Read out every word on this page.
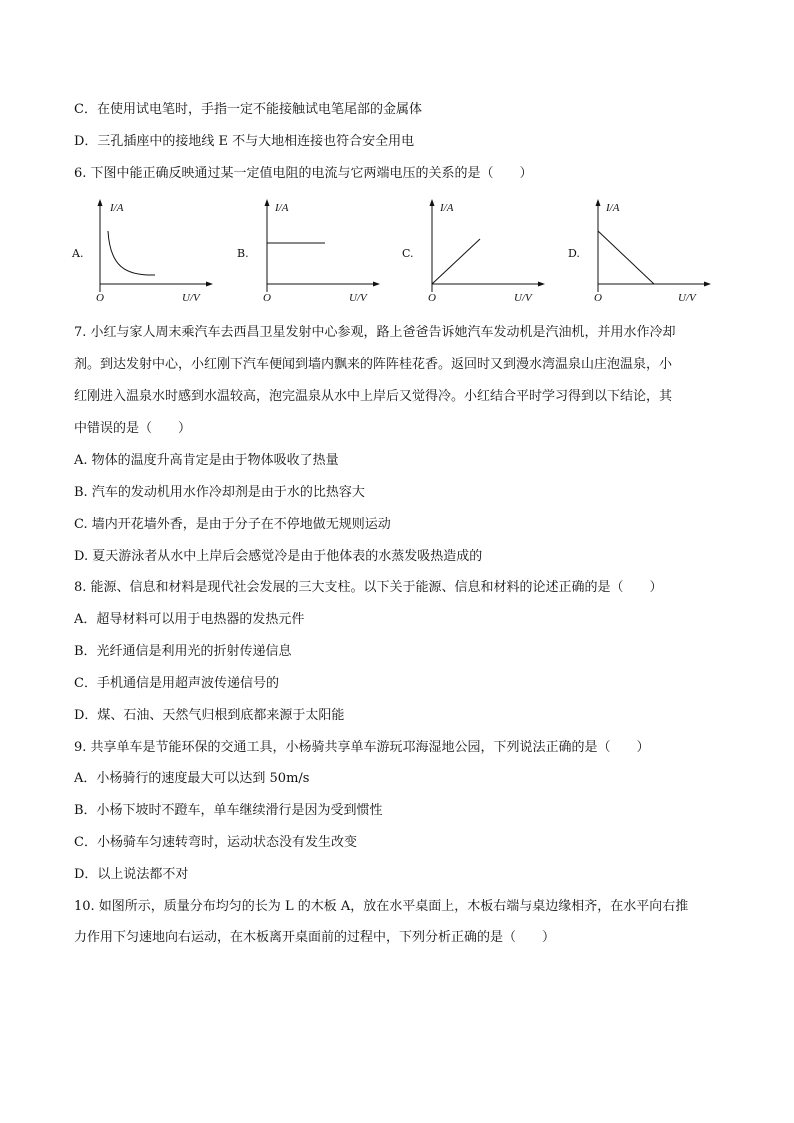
C．在使用试电笔时，手指一定不能接触试电笔尾部的金属体
D．三孔插座中的接地线 E 不与大地相连接也符合安全用电
6. 下图中能正确反映通过某一定值电阻的电流与它两端电压的关系的是（　　）
A.
I/A
O	U/V
B.
I/A
O	U/V
C.
I/A
O	U/V
D.
I/A
O	U/V
7. 小红与家人周末乘汽车去西昌卫星发射中心参观，路上爸爸告诉她汽车发动机是汽油机，并用水作冷却
剂。到达发射中心，小红刚下汽车便闻到墙内飘来的阵阵桂花香。返回时又到漫水湾温泉山庄泡温泉，小
红刚进入温泉水时感到水温较高，泡完温泉从水中上岸后又觉得冷。小红结合平时学习得到以下结论，其
中错误的是（　　）
A. 物体的温度升高肯定是由于物体吸收了热量
B. 汽车的发动机用水作冷却剂是由于水的比热容大
C. 墙内开花墙外香，是由于分子在不停地做无规则运动
D. 夏天游泳者从水中上岸后会感觉冷是由于他体表的水蒸发吸热造成的
8. 能源、信息和材料是现代社会发展的三大支柱。以下关于能源、信息和材料的论述正确的是（　　）
A．超导材料可以用于电热器的发热元件
B．光纤通信是利用光的折射传递信息
C．手机通信是用超声波传递信号的
D．煤、石油、天然气归根到底都来源于太阳能
9. 共享单车是节能环保的交通工具，小杨骑共享单车游玩邛海湿地公园，下列说法正确的是（　　）
A．小杨骑行的速度最大可以达到 50m/s
B．小杨下坡时不蹬车，单车继续滑行是因为受到惯性
C．小杨骑车匀速转弯时，运动状态没有发生改变
D．以上说法都不对
10. 如图所示，质量分布均匀的长为 L 的木板 A，放在水平桌面上，木板右端与桌边缘相齐，在水平向右推
力作用下匀速地向右运动，在木板离开桌面前的过程中，下列分析正确的是（　　）
